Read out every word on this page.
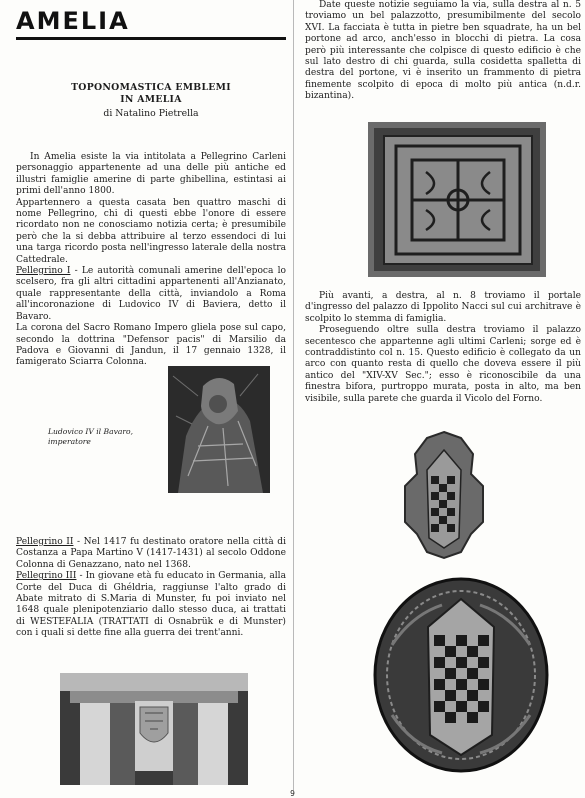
AMELIA
TOPONOMASTICA EMBLEMI
IN AMELIA
di Natalino Pietrella

In Amelia esiste la via intitolata a Pellegrino Carleni personaggio appartenente ad una delle più antiche ed illustri famiglie amerine di parte ghibellina, estintasi ai primi dell'anno 1800.

Appartennero a questa casata ben quattro maschi di nome Pellegrino, chi di questi ebbe l'onore di essere ricordato non ne conosciamo notizia certa; è presumibile però che la si debba attribuire al terzo essendoci di lui una targa ricordo posta nell'ingresso laterale della nostra Cattedrale.

Pellegrino I - Le autorità comunali amerine dell'epoca lo scelsero, fra gli altri cittadini appartenenti all'Anzianato, quale rappresentante della città, inviandolo a Roma all'incoronazione di Ludovico IV di Baviera, detto il Bavaro.

La corona del Sacro Romano Impero gliela pose sul capo, secondo la dottrina "Defensor pacis" di Marsilio da Padova e Giovanni di Jandun, il 17 gennaio 1328, il famigerato Sciarra Colonna.

Ludovico IV il Bavaro, imperatore

Pellegrino II - Nel 1417 fu destinato oratore nella città di Costanza a Papa Martino V (1417-1431) al secolo Oddone Colonna di Genazzano, nato nel 1368.

Pellegrino III - In giovane età fu educato in Germania, alla Corte del Duca di Ghéldria, raggiunse l'alto grado di Abate mitrato di S.Maria di Munster, fu poi inviato nel 1648 quale plenipotenziario dallo stesso duca, ai trattati di WESTEFALIA (TRATTATI di Osnabrük e di Munster) con i quali si dette fine alla guerra dei trent'anni.

Date queste notizie seguiamo la via, sulla destra al n. 5 troviamo un bel palazzotto, presumibilmente del secolo XVI. La facciata è tutta in pietre ben squadrate, ha un bel portone ad arco, anch'esso in blocchi di pietra. La cosa però più interessante che colpisce di questo edificio è che sul lato destro di chi guarda, sulla cosidetta spalletta di destra del portone, vi è inserito un frammento di pietra finemente scolpito di epoca di molto più antica (n.d.r. bizantina).

Più avanti, a destra, al n. 8 troviamo il portale d'ingresso del palazzo di Ippolito Nacci sul cui architrave è scolpito lo stemma di famiglia.

Proseguendo oltre sulla destra troviamo il palazzo secentesco che appartenne agli ultimi Carleni; sorge ed è contraddistinto col n. 15. Questo edificio è collegato da un arco con quanto resta di quello che doveva essere il più antico del "XIV-XV Sec."; esso è riconoscibile da una finestra bifora, purtroppo murata, posta in alto, ma ben visibile, sulla parete che guarda il Vicolo del Forno.

9
